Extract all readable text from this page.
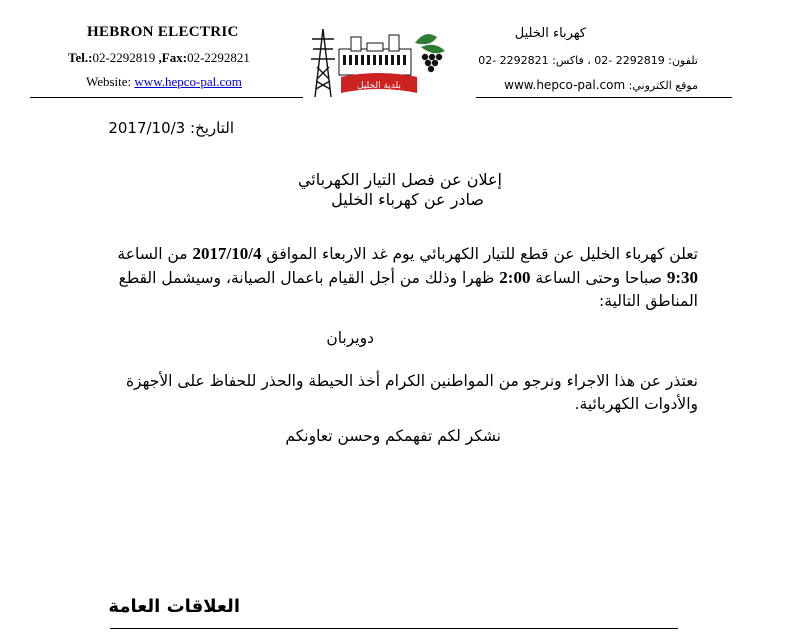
HEBRON ELECTRIC
Tel.:02-2292819 ,Fax:02-2292821
Website: www.hepco-pal.com	بلدية الخليل
كهرباء الخليل
تلفون: 2292819 -02 ، فاكس: 2292821 -02
موقع الكتروني: www.hepco-pal.com
التاريخ: 2017/10/3
إعلان عن فصل التيار الكهربائي
صادر عن كهرباء الخليل
تعلن كهرباء الخليل عن قطع للتيار الكهربائي يوم غد الاربعاء الموافق 2017/10/4 من الساعة 9:30 صباحا وحتى الساعة 2:00 ظهرا وذلك من أجل القيام باعمال الصيانة، وسيشمل القطع المناطق التالية:
دويربان
نعتذر عن هذا الاجراء ونرجو من المواطنين الكرام أخذ الحيطة والحذر للحفاظ على الأجهزة والأدوات الكهربائية.
نشكر لكم تفهمكم وحسن تعاونكم
العلاقات العامة
